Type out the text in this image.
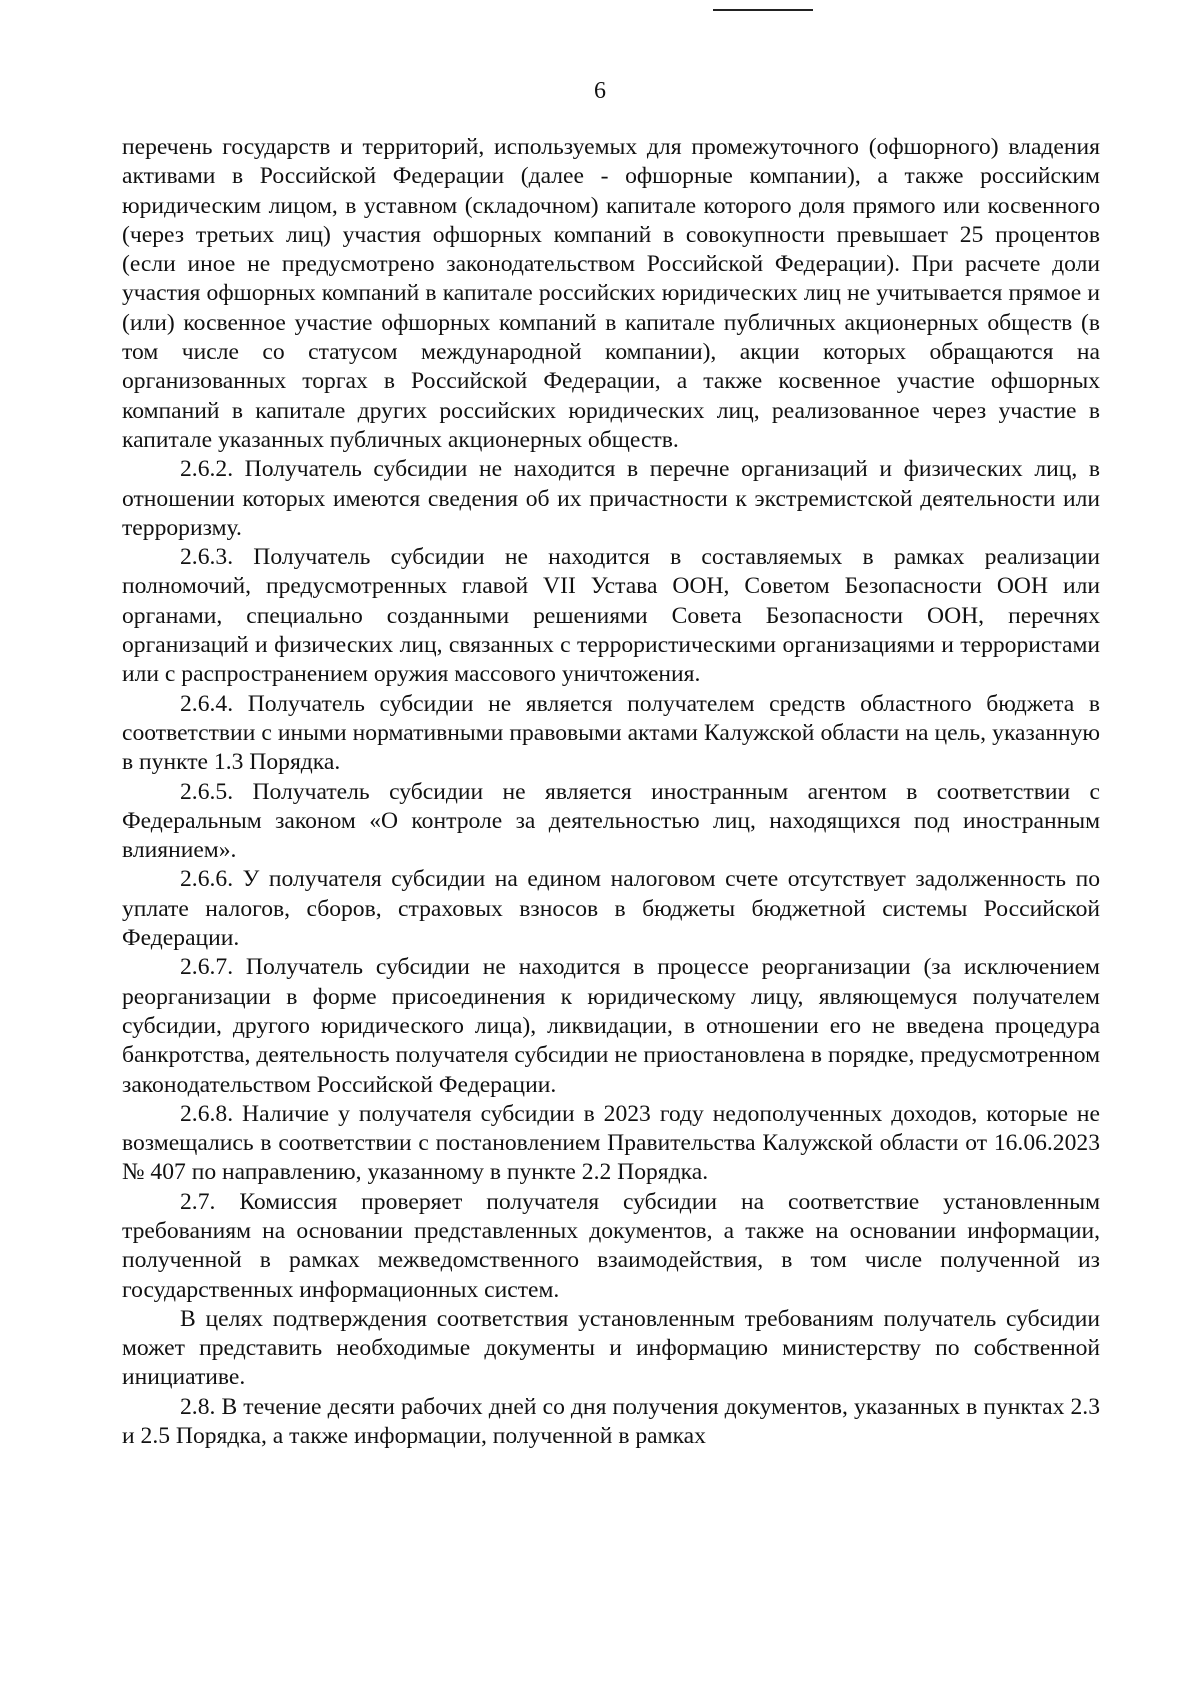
6

перечень государств и территорий, используемых для промежуточного (офшорного) владения активами в Российской Федерации (далее - офшорные компании), а также российским юридическим лицом, в уставном (складочном) капитале которого доля прямого или косвенного (через третьих лиц) участия офшорных компаний в совокупности превышает 25 процентов (если иное не предусмотрено законодательством Российской Федерации). При расчете доли участия офшорных компаний в капитале российских юридических лиц не учитывается прямое и (или) косвенное участие офшорных компаний в капитале публичных акционерных обществ (в том числе со статусом международной компании), акции которых обращаются на организованных торгах в Российской Федерации, а также косвенное участие офшорных компаний в капитале других российских юридических лиц, реализованное через участие в капитале указанных публичных акционерных обществ.

2.6.2. Получатель субсидии не находится в перечне организаций и физических лиц, в отношении которых имеются сведения об их причастности к экстремистской деятельности или терроризму.

2.6.3. Получатель субсидии не находится в составляемых в рамках реализации полномочий, предусмотренных главой VII Устава ООН, Советом Безопасности ООН или органами, специально созданными решениями Совета Безопасности ООН, перечнях организаций и физических лиц, связанных с террористическими организациями и террористами или с распространением оружия массового уничтожения.

2.6.4. Получатель субсидии не является получателем средств областного бюджета в соответствии с иными нормативными правовыми актами Калужской области на цель, указанную в пункте 1.3 Порядка.

2.6.5. Получатель субсидии не является иностранным агентом в соответствии с Федеральным законом «О контроле за деятельностью лиц, находящихся под иностранным влиянием».

2.6.6. У получателя субсидии на едином налоговом счете отсутствует задолженность по уплате налогов, сборов, страховых взносов в бюджеты бюджетной системы Российской Федерации.

2.6.7. Получатель субсидии не находится в процессе реорганизации (за исключением реорганизации в форме присоединения к юридическому лицу, являющемуся получателем субсидии, другого юридического лица), ликвидации, в отношении его не введена процедура банкротства, деятельность получателя субсидии не приостановлена в порядке, предусмотренном законодательством Российской Федерации.

2.6.8. Наличие у получателя субсидии в 2023 году недополученных доходов, которые не возмещались в соответствии с постановлением Правительства Калужской области от 16.06.2023 № 407 по направлению, указанному в пункте 2.2 Порядка.

2.7. Комиссия проверяет получателя субсидии на соответствие установленным требованиям на основании представленных документов, а также на основании информации, полученной в рамках межведомственного взаимодействия, в том числе полученной из государственных информационных систем.

В целях подтверждения соответствия установленным требованиям получатель субсидии может представить необходимые документы и информацию министерству по собственной инициативе.

2.8. В течение десяти рабочих дней со дня получения документов, указанных в пунктах 2.3 и 2.5 Порядка, а также информации, полученной в рамках
